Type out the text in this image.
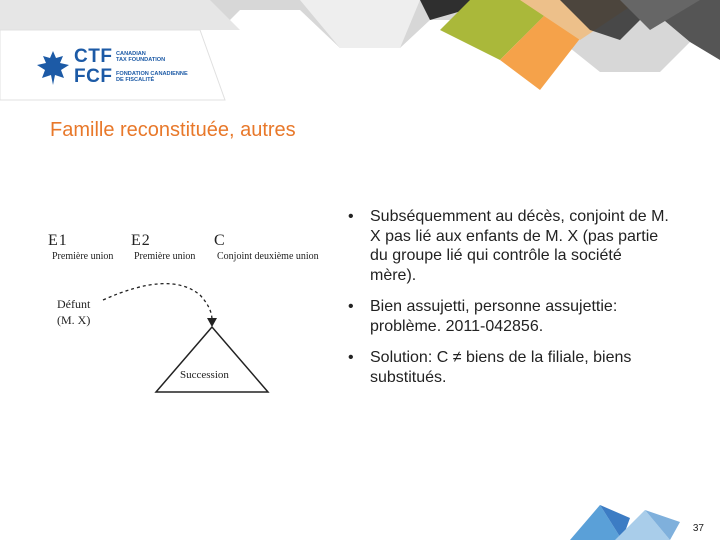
CTF
FCF
CANADIAN
TAX FOUNDATION
FONDATION CANADIENNE
DE FISCALITÉ
Famille reconstituée, autres
E1
Première union
E2
Première union
C
Conjoint deuxième union
Défunt
(M. X)
Succession
• Subséquemment au décès, conjoint de M. X pas lié aux enfants de M. X (pas partie du groupe lié qui contrôle la société mère).
• Bien assujetti, personne assujettie: problème. 2011-042856.
• Solution: C ≠ biens de la filiale, biens substitués.
37
